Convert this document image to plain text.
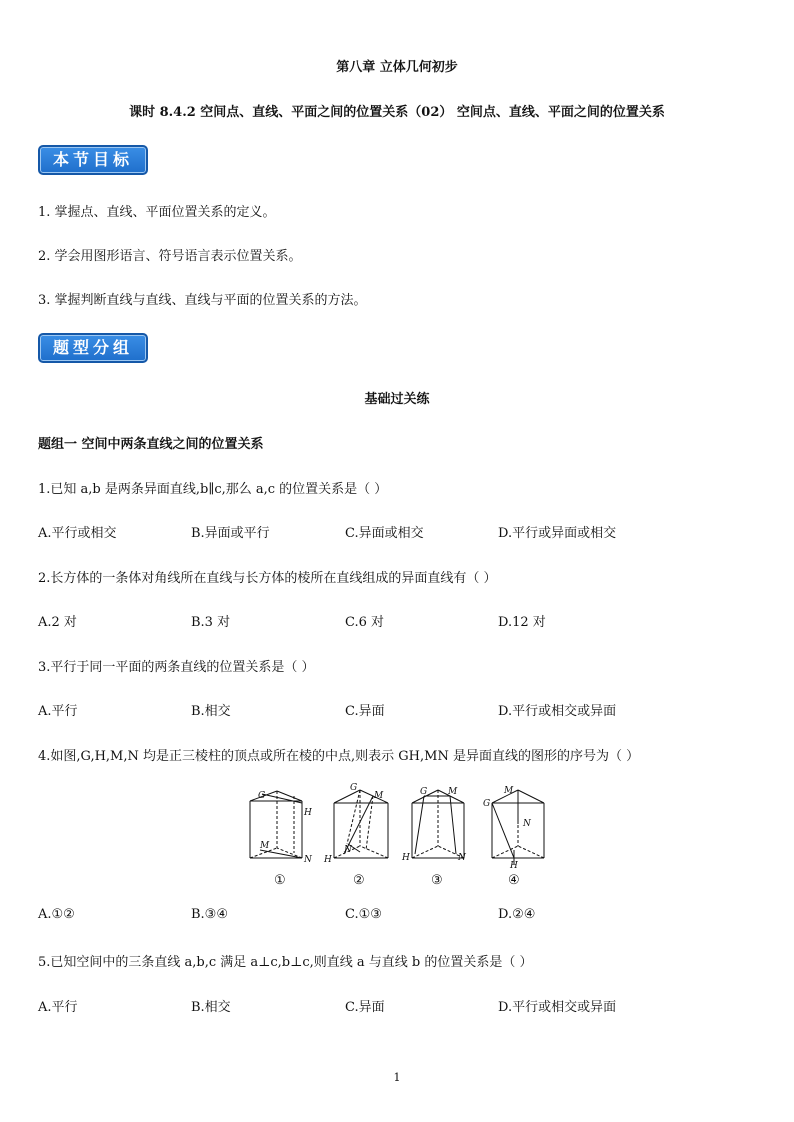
第八章 立体几何初步
课时 8.4.2 空间点、直线、平面之间的位置关系（02） 空间点、直线、平面之间的位置关系
本节目标
1. 掌握点、直线、平面位置关系的定义。
2. 学会用图形语言、符号语言表示位置关系。
3. 掌握判断直线与直线、直线与平面的位置关系的方法。
题型分组
基础过关练
题组一 空间中两条直线之间的位置关系
1.已知 a,b 是两条异面直线,b∥c,那么 a,c 的位置关系是（ ）
A.平行或相交	B.异面或平行	C.异面或相交	D.平行或异面或相交
2.长方体的一条体对角线所在直线与长方体的棱所在直线组成的异面直线有（ ）
A.2 对	B.3 对	C.6 对	D.12 对
3.平行于同一平面的两条直线的位置关系是（ ）
A.平行	B.相交	C.异面	D.平行或相交或异面
4.如图,G,H,M,N 均是正三棱柱的顶点或所在棱的中点,则表示 GH,MN 是异面直线的图形的序号为（ ）
G
H
M
N
G
M
N
H
G M
H	N
G
M
N
H
①	②	③	④
A.①②	B.③④	C.①③	D.②④
5.已知空间中的三条直线 a,b,c 满足 a⊥c,b⊥c,则直线 a 与直线 b 的位置关系是（ ）
A.平行	B.相交	C.异面	D.平行或相交或异面
1
